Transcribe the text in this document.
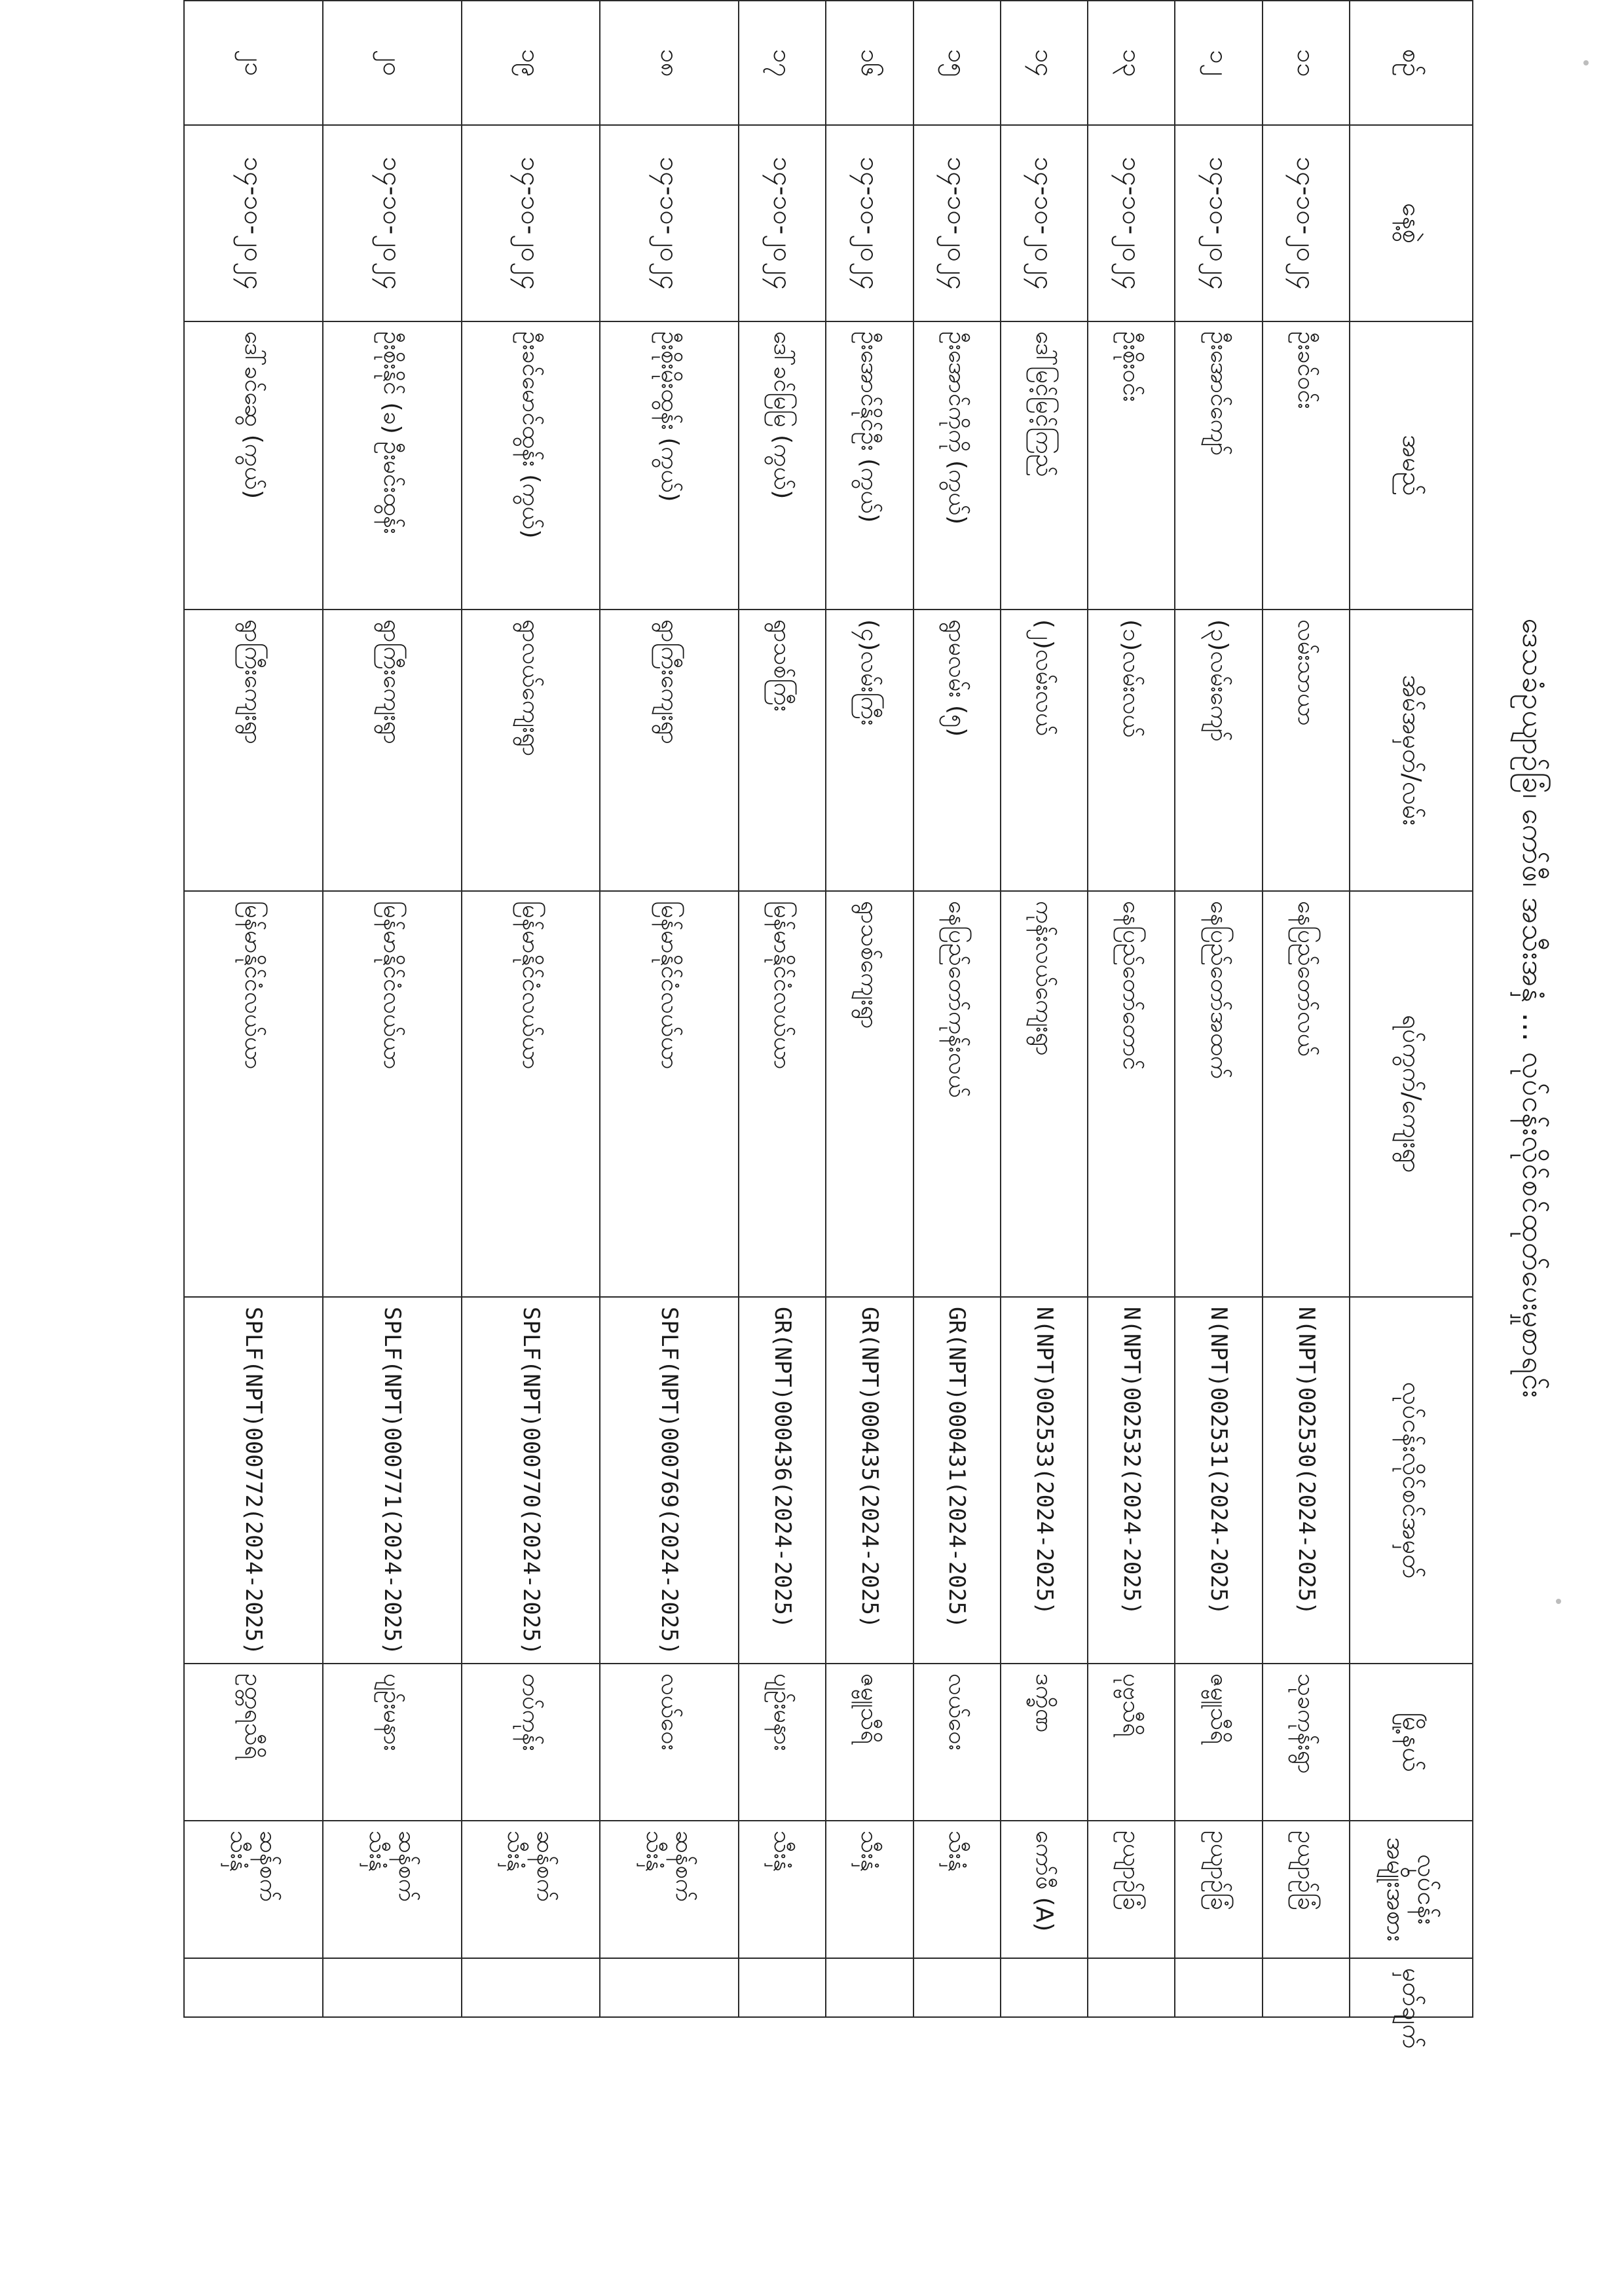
ဒေသခံဥယျာဉ်ခြံ၊ ကော်ဖီ၊ အသီးအနှံ ... လုပ်ငန်းလိုင်စင်ထုတ်ပေးမှုစာရင်း
စဉ်	နေ့စွဲ	အမည်	အိမ်အမှတ်/လမ်း	ရပ်ကွက်/ကျေးရွာ	လုပ်ငန်းလိုင်စင်အမှတ်	မြို့နယ်	လုပ်ငန်းအမျိုးအစား	မှတ်ချက်
၁၁	၁၄-၁၀-၂၀၂၄	ဦးခင်ဝင်း	လမ်းသာယာ	နေပြည်တော်လယ်	N(NPT)002530(2024-2025)	သုခကုန်းရွာ	ဥယျာဉ်ခြံ	
၁၂	၁၄-၁၀-၂၀၂၄	ဦးအောင်ကျော်	(၃)လမ်းကျော်	နေပြည်တော်အထက်	N(NPT)002531(2024-2025)	ဇမ္ဗူသီရိ	ဥယျာဉ်ခြံ	
၁၃	၁၄-၁၀-၂၀၂၄	ဦးစိုးဝင်း	(၁)လမ်းလယ်	နေပြည်တော်တောင်	N(NPT)002532(2024-2025)	ပုဗ္ဗသီရိ	ဥယျာဉ်ခြံ	
၁၄	၁၄-၁၀-၂၀၂၄	ဒေါ်မြင့်မြင့်ကြည်	(၂)လမ်းလယ်	ကုန်းလယ်ကျေးရွာ	N(NPT)002533(2024-2025)	ဒက္ခိဏ	ကော်ဖီ (A)	
၁၅	၁၄-၁၀-၂၀၂၄	ဦးအောင်ကိုကို (ကွယ်)	ရွာမလမ်း (၅)	နေပြည်တော်ကုန်းလယ်	GR(NPT)000431(2024-2025)	လယ်ဝေး	သီးနှံ	
၁၆	၁၄-၁၀-၂၀၂၄	ဦးအောင်နိုင်ဦး (ကွယ်)	(၄)လမ်းကြီး	ရွာသစ်ကျေးရွာ	GR(NPT)000435(2024-2025)	ဇမ္ဗူသီရိ	သီးနှံ	
၁၇	၁၄-၁၀-၂၀၂၄	ဒေါ်ခင်မြမြ (ကွယ်)	ရွာသစ်ကြီး	မြန်မာနိုင်ငံလယ်ယာ	GR(NPT)000436(2024-2025)	ပျဉ်းမနား	သီးနှံ	
၁၈	၁၄-၁၀-၂၀၂၄	ဦးစိုးမိုးထွန်း (ကွယ်)	ရွာကြီးကျေးရွာ	မြန်မာနိုင်ငံလယ်ယာ	SPLF(NPT)000769(2024-2025)	လယ်ဝေး	ဆန်စက် သီးနှံ	
၁၉	၁၄-၁၀-၂၀၂၄	ဦးခင်မောင်ထွန်း (ကွယ်)	ရွာလယ်ကျေးရွာ	မြန်မာနိုင်ငံလယ်ယာ	SPLF(NPT)000770(2024-2025)	တပ်ကုန်း	ဆန်စက် သီးနှံ	
၂၀	၁၄-၁၀-၂၀၂၄	ဦးစိုးနိုင် (ခ) ဦးမင်းထွန်း	ရွာကြီးကျေးရွာ	မြန်မာနိုင်ငံလယ်ယာ	SPLF(NPT)000771(2024-2025)	ပျဉ်းမနား	ဆန်စက် သီးနှံ	
၂၁	၁၄-၁၀-၂၀၂၄	ဒေါ်ခင်ဆွေ (ကွယ်)	ရွာကြီးကျေးရွာ	မြန်မာနိုင်ငံလယ်ယာ	SPLF(NPT)000772(2024-2025)	ဥတ္တရသီရိ	ဆန်စက် သီးနှံ	
